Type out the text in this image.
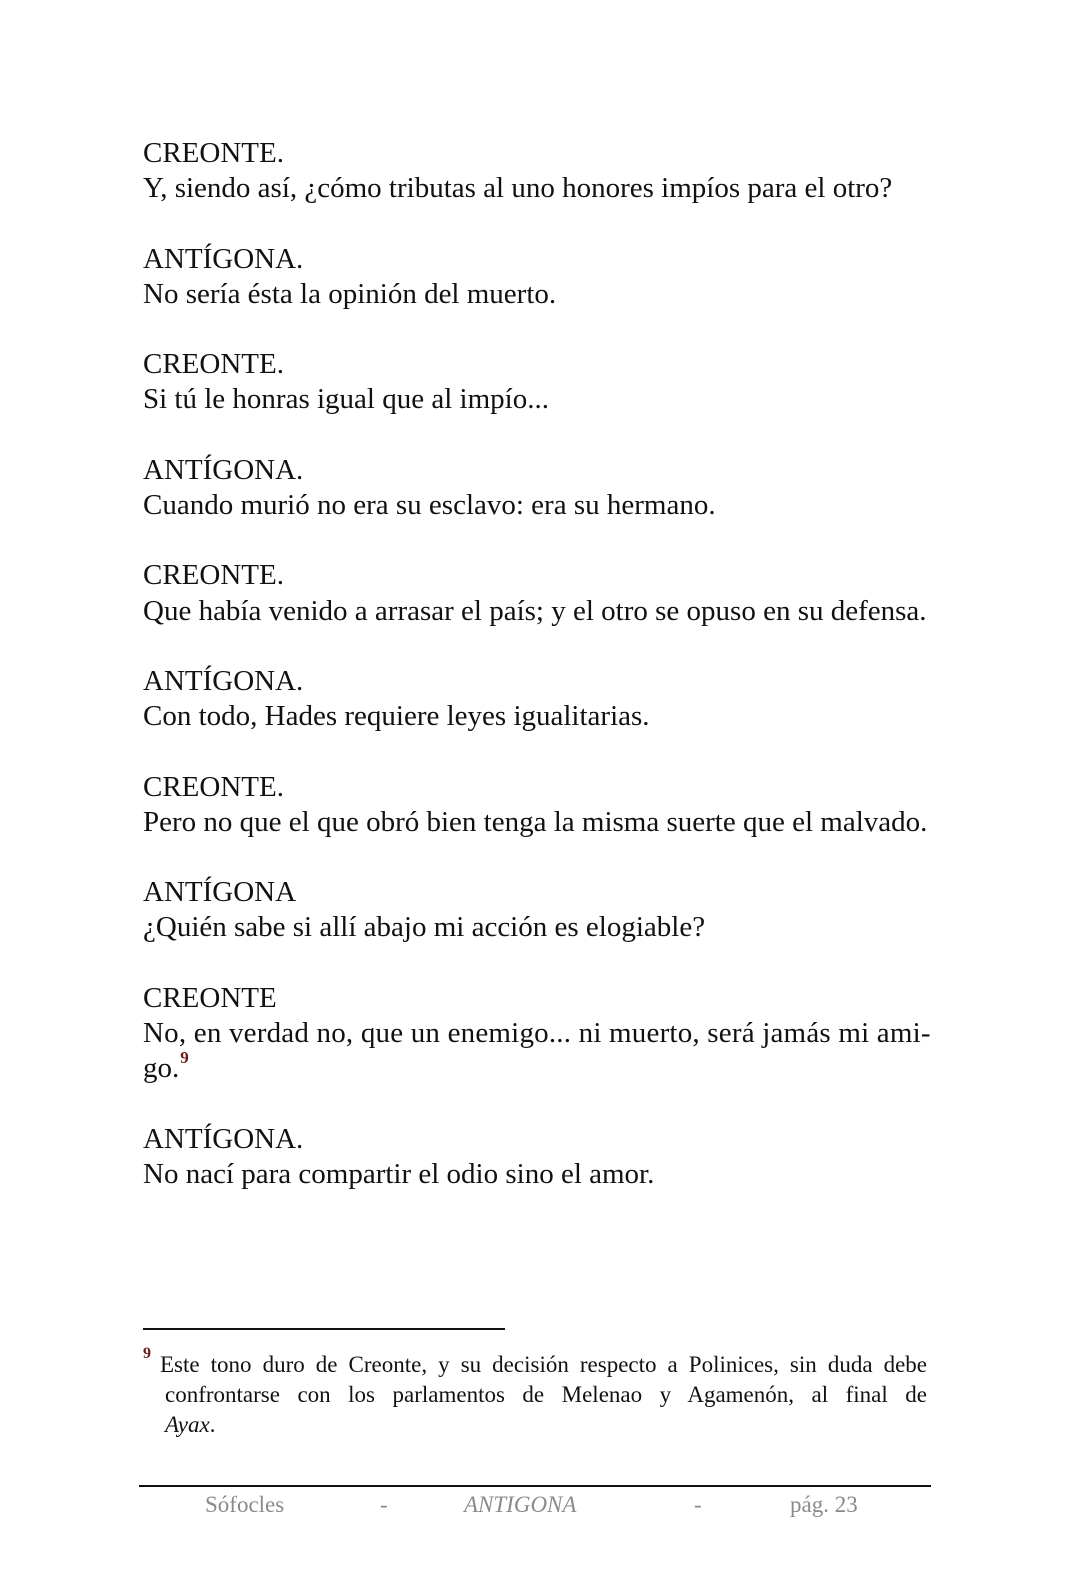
CREONTE.
Y, siendo así, ¿cómo tributas al uno honores impíos para el otro?
ANTÍGONA.
No sería ésta la opinión del muerto.
CREONTE.
Si tú le honras igual que al impío...
ANTÍGONA.
Cuando murió no era su esclavo: era su hermano.
CREONTE.
Que había venido a arrasar el país; y el otro se opuso en su defensa.
ANTÍGONA.
Con todo, Hades requiere leyes igualitarias.
CREONTE.
Pero no que el que obró bien tenga la misma suerte que el malvado.
ANTÍGONA
¿Quién sabe si allí abajo mi acción es elogiable?
CREONTE
No, en verdad no, que un enemigo... ni muerto, será jamás mi ami-
go.$^9$
ANTÍGONA.
No nací para compartir el odio sino el amor.
9 Este tono duro de Creonte, y su decisión respecto a Polinices, sin duda debe
confrontarse con los parlamentos de Melenao y Agamenón, al final de
Ayax.
Sófocles	-	ANTIGONA	-	pág. 23
